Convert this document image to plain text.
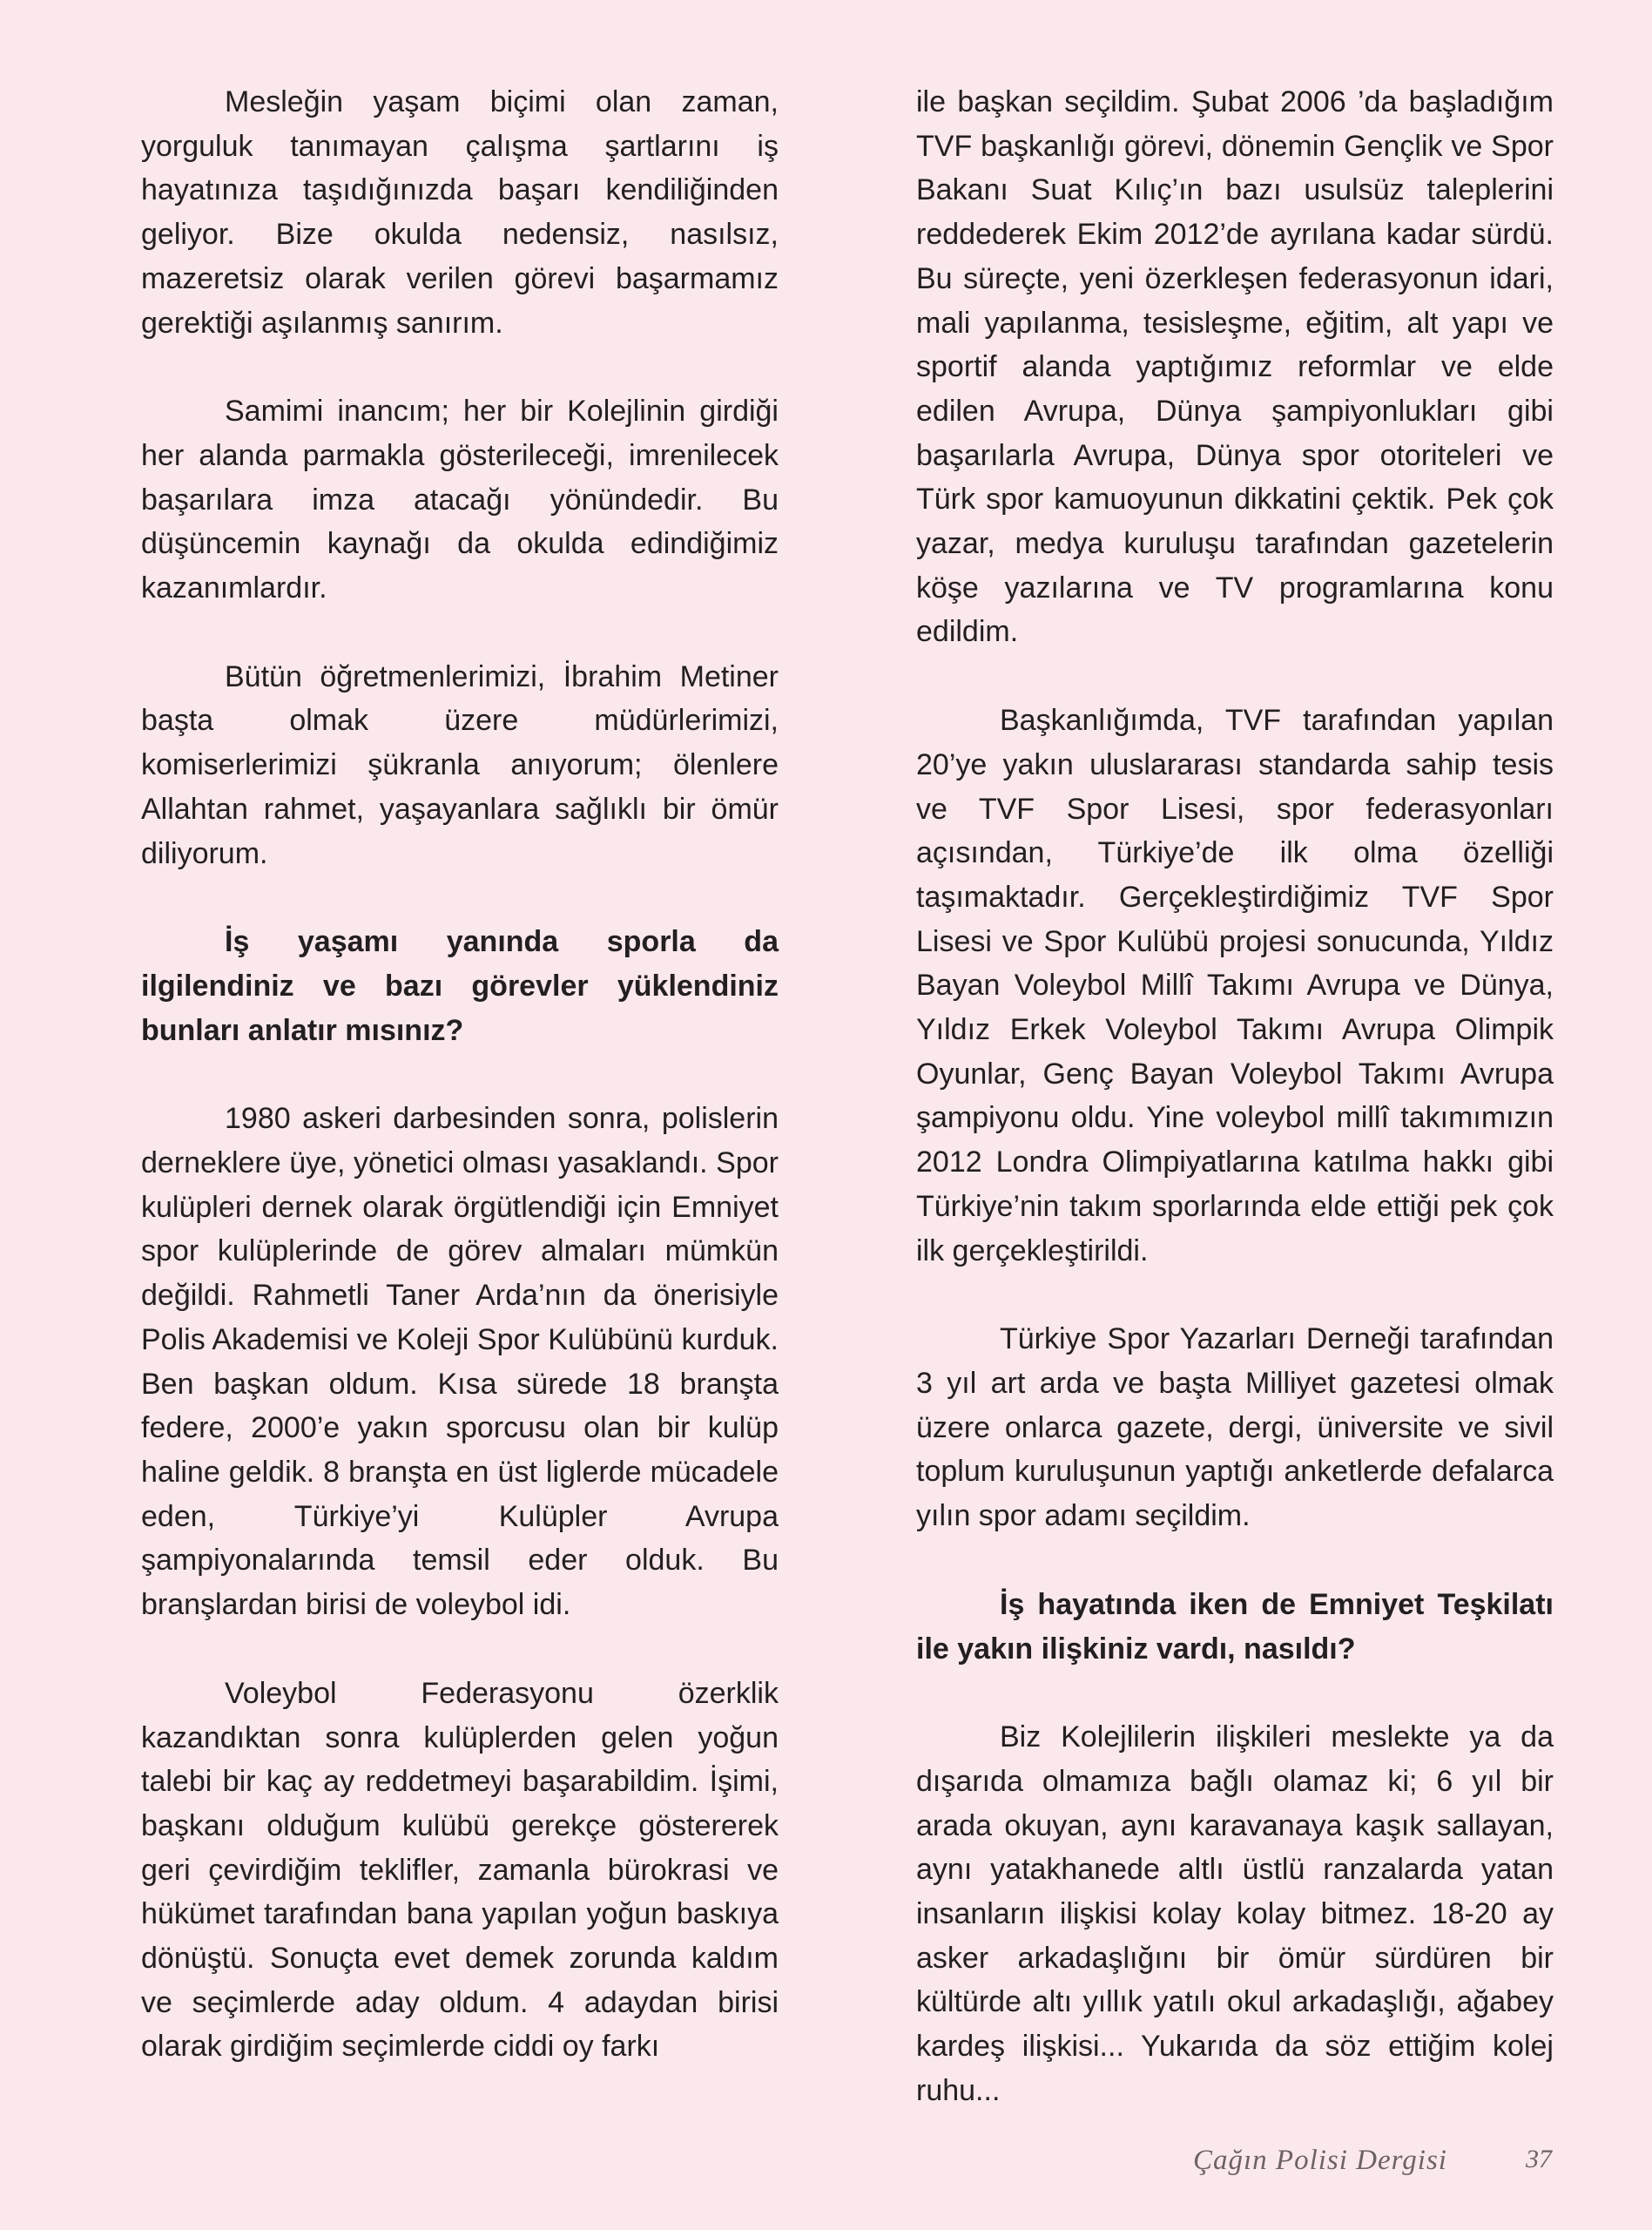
Mesleğin yaşam biçimi olan zaman, yorguluk tanımayan çalışma şartlarını iş hayatınıza taşıdığınızda başarı kendiliğinden geliyor. Bize okulda nedensiz, nasılsız, mazeretsiz olarak verilen görevi başarmamız gerektiği aşılanmış sanırım.

Samimi inancım; her bir Kolejlinin girdiği her alanda parmakla gösterileceği, imrenilecek başarılara imza atacağı yönündedir. Bu düşüncemin kaynağı da okulda edindiğimiz kazanımlardır.

Bütün öğretmenlerimizi, İbrahim Metiner başta olmak üzere müdürlerimizi, komiserlerimizi şükranla anıyorum; ölenlere Allahtan rahmet, yaşayanlara sağlıklı bir ömür diliyorum.

İş yaşamı yanında sporla da ilgilendiniz ve bazı görevler yüklendiniz bunları anlatır mısınız?

1980 askeri darbesinden sonra, polislerin derneklere üye, yönetici olması yasaklandı. Spor kulüpleri dernek olarak örgütlendiği için Emniyet spor kulüplerinde de görev almaları mümkün değildi. Rahmetli Taner Arda’nın da önerisiyle Polis Akademisi ve Koleji Spor Kulübünü kurduk. Ben başkan oldum. Kısa sürede 18 branşta federe, 2000’e yakın sporcusu olan bir kulüp haline geldik. 8 branşta en üst liglerde mücadele eden, Türkiye’yi Kulüpler Avrupa şampiyonalarında temsil eder olduk. Bu branşlardan birisi de voleybol idi.

Voleybol Federasyonu özerklik kazandıktan sonra kulüplerden gelen yoğun talebi bir kaç ay reddetmeyi başarabildim. İşimi, başkanı olduğum kulübü gerekçe göstererek geri çevirdiğim teklifler, zamanla bürokrasi ve hükümet tarafından bana yapılan yoğun baskıya dönüştü. Sonuçta evet demek zorunda kaldım ve seçimlerde aday oldum. 4 adaydan birisi olarak girdiğim seçimlerde ciddi oy farkı

ile başkan seçildim. Şubat 2006 ’da başladığım TVF başkanlığı görevi, dönemin Gençlik ve Spor Bakanı Suat Kılıç’ın bazı usulsüz taleplerini reddederek Ekim 2012’de ayrılana kadar sürdü. Bu süreçte, yeni özerkleşen federasyonun idari, mali yapılanma, tesisleşme, eğitim, alt yapı ve sportif alanda yaptığımız reformlar ve elde edilen Avrupa, Dünya şampiyonlukları gibi başarılarla Avrupa, Dünya spor otoriteleri ve Türk spor kamuoyunun dikkatini çektik. Pek çok yazar, medya kuruluşu tarafından gazetelerin köşe yazılarına ve TV programlarına konu edildim.

Başkanlığımda, TVF tarafından yapılan 20’ye yakın uluslararası standarda sahip tesis ve TVF Spor Lisesi, spor federasyonları açısından, Türkiye’de ilk olma özelliği taşımaktadır. Gerçekleştirdiğimiz TVF Spor Lisesi ve Spor Kulübü projesi sonucunda, Yıldız Bayan Voleybol Millî Takımı Avrupa ve Dünya, Yıldız Erkek Voleybol Takımı Avrupa Olimpik Oyunlar, Genç Bayan Voleybol Takımı Avrupa şampiyonu oldu. Yine voleybol millî takımımızın 2012 Londra Olimpiyatlarına katılma hakkı gibi Türkiye’nin takım sporlarında elde ettiği pek çok ilk gerçekleştirildi.

Türkiye Spor Yazarları Derneği tarafından 3 yıl art arda ve başta Milliyet gazetesi olmak üzere onlarca gazete, dergi, üniversite ve sivil toplum kuruluşunun yaptığı anketlerde defalarca yılın spor adamı seçildim.

İş hayatında iken de Emniyet Teşkilatı ile yakın ilişkiniz vardı, nasıldı?

Biz Kolejlilerin ilişkileri meslekte ya da dışarıda olmamıza bağlı olamaz ki; 6 yıl bir arada okuyan, aynı karavanaya kaşık sallayan, aynı yatakhanede altlı üstlü ranzalarda yatan insanların ilişkisi kolay kolay bitmez. 18-20 ay asker arkadaşlığını bir ömür sürdüren bir kültürde altı yıllık yatılı okul arkadaşlığı, ağabey kardeş ilişkisi... Yukarıda da söz ettiğim kolej ruhu...

Çağın Polisi Dergisi	37
